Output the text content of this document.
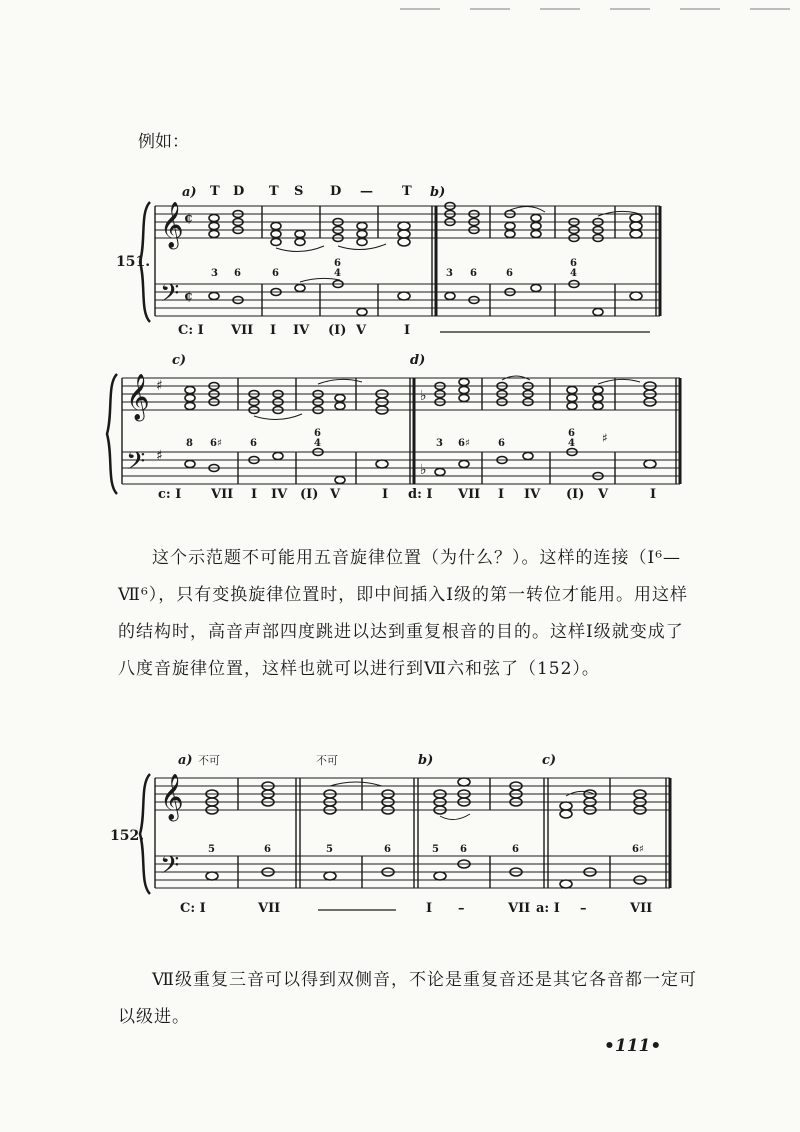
例如：
a)	b)
T D T S D — T
151.
𝄞
𝄢
¢
¢
3 6	6
6
4	3 6	6
6
4
C: I VII I IV (I) V	I
c)	d)
𝄞
𝄢
♯
♯
♭
♭
8 6♯	6
6
4	3 6♯	6
6
4 ♯
c: I VII I IV (I) V	I d: I VII I IV (I) V	I
这个示范题不可能用五音旋律位置（为什么？）。这样的连接（Ⅰ⁶—Ⅶ⁶），只有变换旋律位置时，即中间插入Ⅰ级的第一转位才能用。用这样的结构时，高音声部四度跳进以达到重复根音的目的。这样Ⅰ级就变成了八度音旋律位置，这样也就可以进行到Ⅶ六和弦了（152）。
a) 不可	不可	b)	c)
152.
𝄞
𝄢
5	6	5	6	5 6	6	6♯
C: I	VII	I –	VII a: I –	VII
Ⅶ级重复三音可以得到双侧音，不论是重复音还是其它各音都一定可以级进。
•111•
